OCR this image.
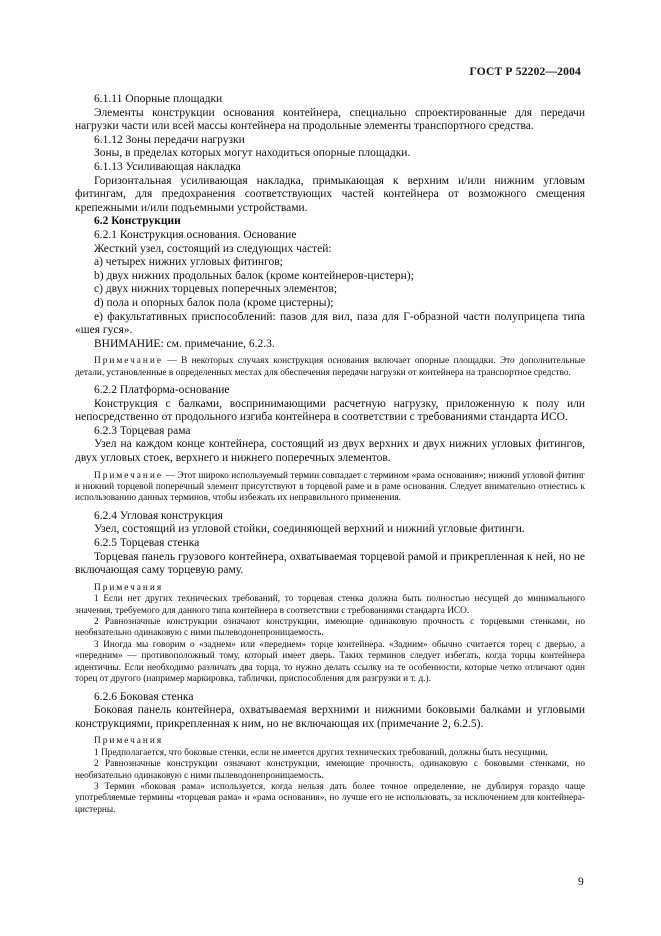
ГОСТ Р 52202—2004

6.1.11 Опорные площадки

Элементы конструкции основания контейнера, специально спроектированные для передачи нагрузки части или всей массы контейнера на продольные элементы транспортного средства.

6.1.12 Зоны передачи нагрузки

Зоны, в пределах которых могут находиться опорные площадки.

6.1.13 Усиливающая накладка

Горизонтальная усиливающая накладка, примыкающая к верхним и/или нижним угловым фитингам, для предохранения соответствующих частей контейнера от возможного смещения крепежными и/или подъемными устройствами.

6.2 Конструкции

6.2.1 Конструкция основания. Основание

Жесткий узел, состоящий из следующих частей:

а) четырех нижних угловых фитингов;

b) двух нижних продольных балок (кроме контейнеров-цистерн);

c) двух нижних торцевых поперечных элементов;

d) пола и опорных балок пола (кроме цистерны);

е) факультативных приспособлений: пазов для вил, паза для Г-образной части полуприцепа типа «шея гуся».

ВНИМАНИЕ: см. примечание, 6.2.3.

Примечание — В некоторых случаях конструкция основания включает опорные площадки. Это дополнительные детали, установленные в определенных местах для обеспечения передачи нагрузки от контейнера на транспортное средство.

6.2.2 Платформа-основание

Конструкция с балками, воспринимающими расчетную нагрузку, приложенную к полу или непосредственно от продольного изгиба контейнера в соответствии с требованиями стандарта ИСО.

6.2.3 Торцевая рама

Узел на каждом конце контейнера, состоящий из двух верхних и двух нижних угловых фитингов, двух угловых стоек, верхнего и нижнего поперечных элементов.

Примечание — Этот широко используемый термин совпадает с термином «рама основания»; нижний угловой фитинг и нижний торцевой поперечный элемент присутствуют в торцевой раме и в раме основания. Следует внимательно отнестись к использованию данных терминов, чтобы избежать их неправильного применения.

6.2.4 Угловая конструкция

Узел, состоящий из угловой стойки, соединяющей верхний и нижний угловые фитинги.

6.2.5 Торцевая стенка

Торцевая панель грузового контейнера, охватываемая торцевой рамой и прикрепленная к ней, но не включающая саму торцевую раму.

Примечания

1 Если нет других технических требований, то торцевая стенка должна быть полностью несущей до минимального значения, требуемого для данного типа контейнера в соответствии с требованиями стандарта ИСО.

2 Равнозначные конструкции означают конструкции, имеющие одинаковую прочность с торцевыми стенками, но необязательно одинаковую с ними пылеводонепроницаемость.

3 Иногда мы говорим о «заднем» или «переднем» торце контейнера. «Задним» обычно считается торец с дверью, а «передним» — противоположный тому, который имеет дверь. Таких терминов следует избегать, когда торцы контейнера идентичны. Если необходимо различать два торца, то нужно делать ссылку на те особенности, которые четко отличают один торец от другого (например маркировка, таблички, приспособления для разгрузки и т. д.).

6.2.6 Боковая стенка

Боковая панель контейнера, охватываемая верхними и нижними боковыми балками и угловыми конструкциями, прикрепленная к ним, но не включающая их (примечание 2, 6.2.5).

Примечания

1 Предполагается, что боковые стенки, если не имеется других технических требований, должны быть несущими.

2 Равнозначные конструкции означают конструкции, имеющие прочность, одинаковую с боковыми стенками, но необязательно одинаковую с ними пылеводонепроницаемость.

3 Термин «боковая рама» используется, когда нельзя дать более точное определение, не дублируя гораздо чаще употребляемые термины «торцевая рама» и «рама основания», но лучше его не использовать, за исключением для контейнера-цистерны.

9
